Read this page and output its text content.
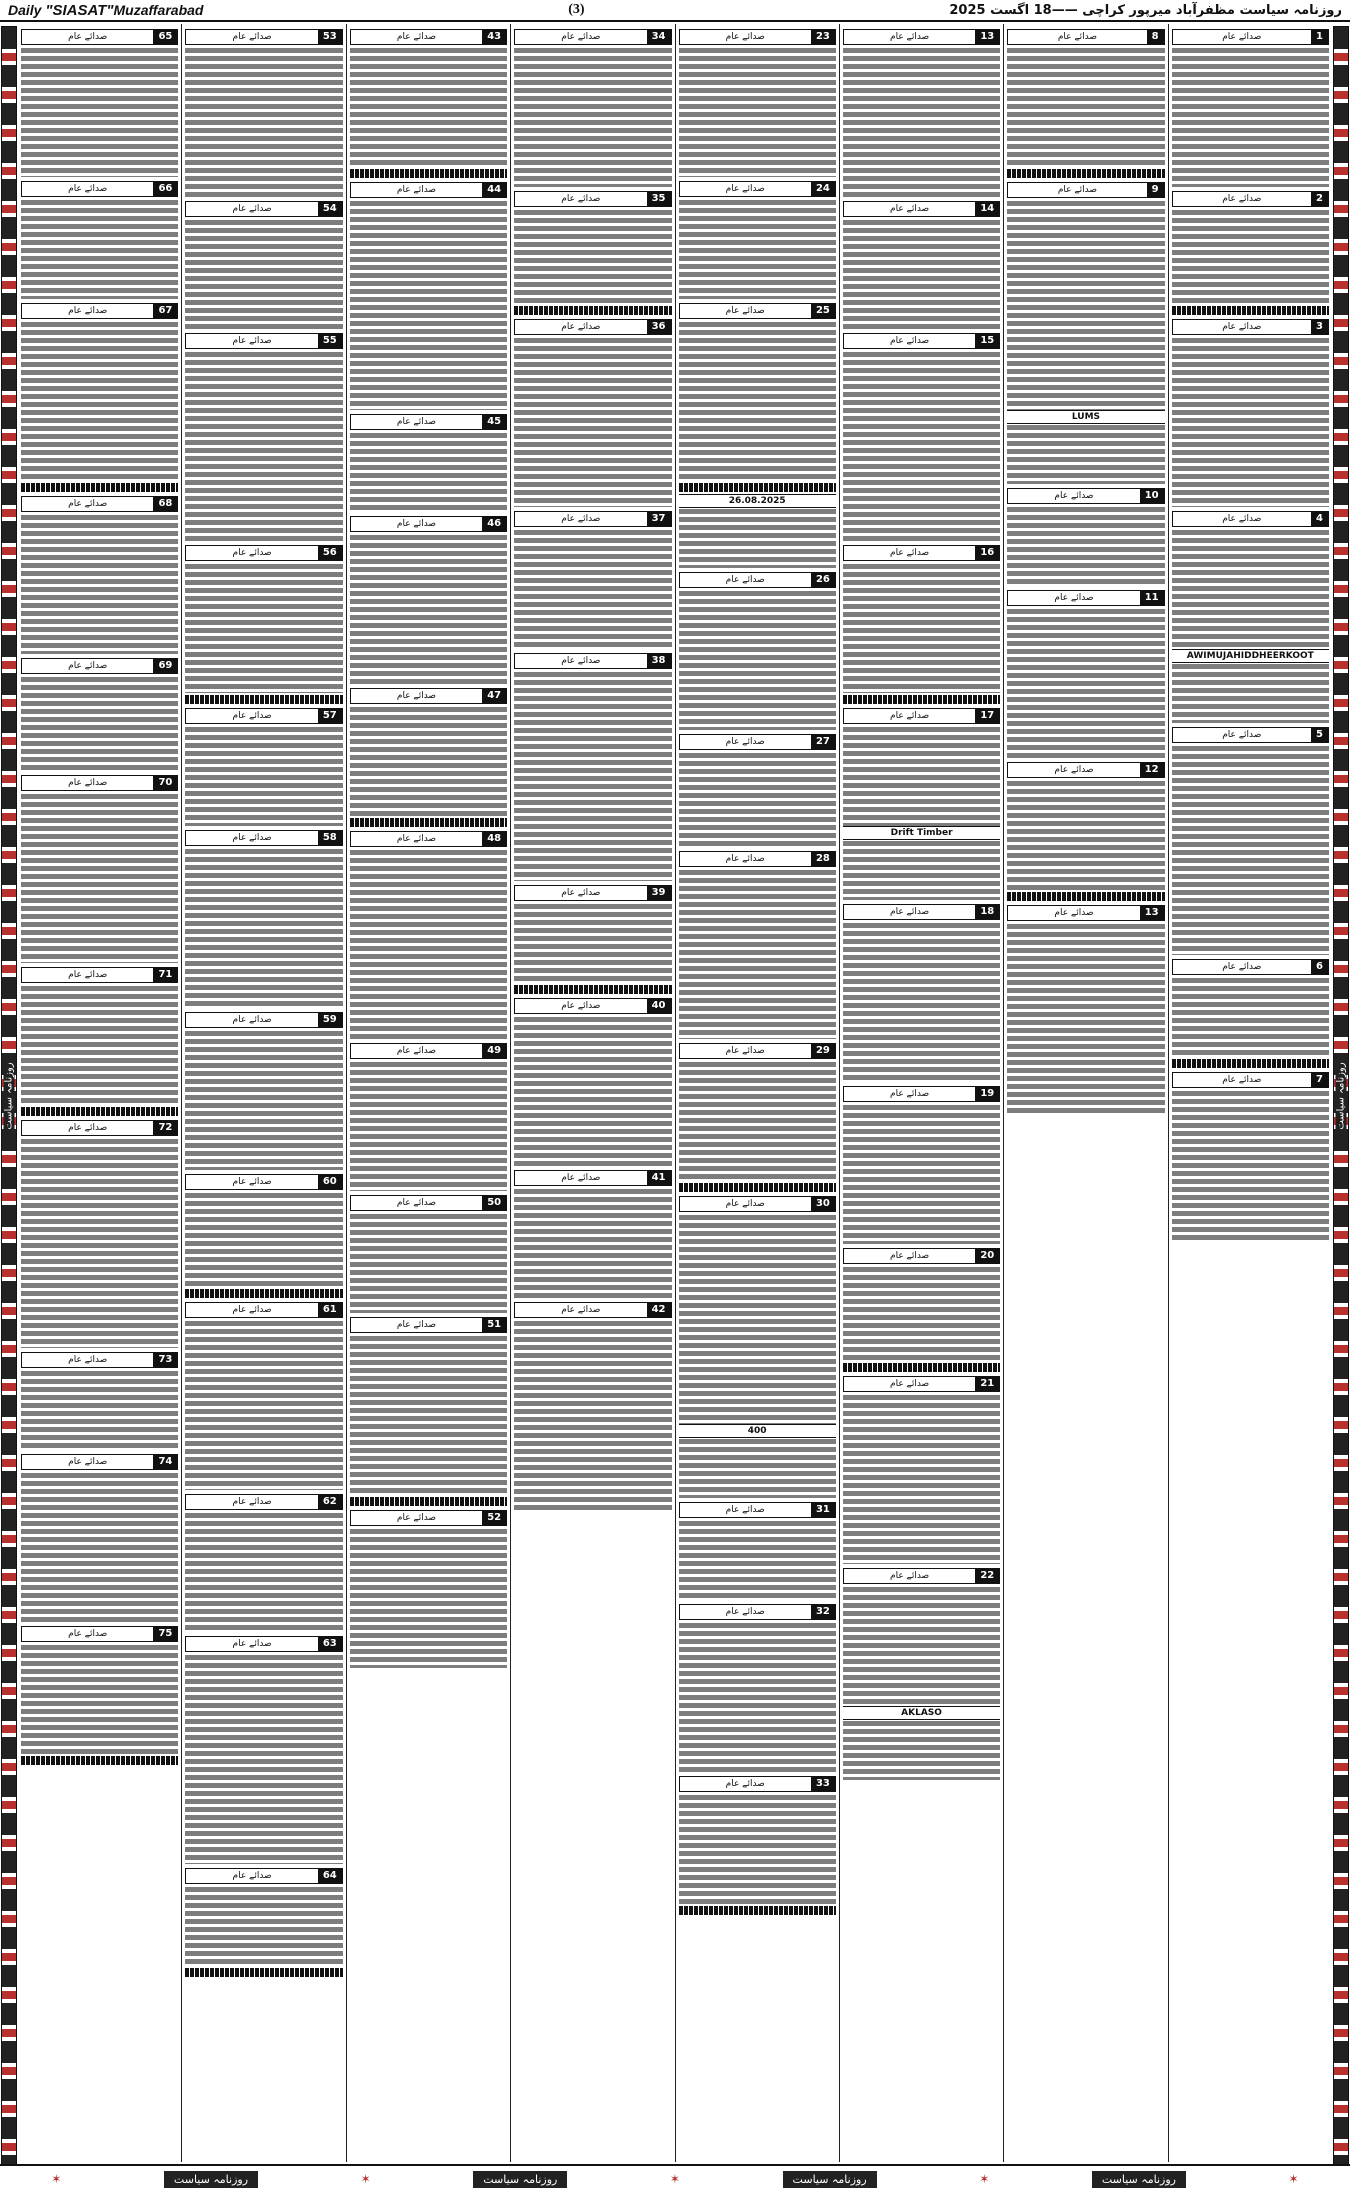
Daily "SIASAT"Muzaffarabad	(3)	روزنامہ سیاست مظفرآباد میرپور کراچی ——18 اگست 2025
روزنامہ سیاست	روزنامہ سیاست
1
صدائے عام
2
صدائے عام
3
صدائے عام
4
صدائے عام
AWIMUJAHIDDHEERKOOT
5
صدائے عام
6
صدائے عام
7
صدائے عام
8
صدائے عام
9
صدائے عام
LUMS
10
صدائے عام
11
صدائے عام
12
صدائے عام
13
صدائے عام
13
صدائے عام
14
صدائے عام
15
صدائے عام
16
صدائے عام
17
صدائے عام
Drift Timber
18
صدائے عام
19
صدائے عام
20
صدائے عام
21
صدائے عام
22
صدائے عام
AKLASO
23
صدائے عام
24
صدائے عام
25
صدائے عام
26.08.2025
26
صدائے عام
27
صدائے عام
28
صدائے عام
29
صدائے عام
30
صدائے عام
400
31
صدائے عام
32
صدائے عام
33
صدائے عام
34
صدائے عام
35
صدائے عام
36
صدائے عام
37
صدائے عام
38
صدائے عام
39
صدائے عام
40
صدائے عام
41
صدائے عام
42
صدائے عام
43
صدائے عام
44
صدائے عام
45
صدائے عام
46
صدائے عام
47
صدائے عام
48
صدائے عام
49
صدائے عام
50
صدائے عام
51
صدائے عام
52
صدائے عام
53
صدائے عام
54
صدائے عام
55
صدائے عام
56
صدائے عام
57
صدائے عام
58
صدائے عام
59
صدائے عام
60
صدائے عام
61
صدائے عام
62
صدائے عام
63
صدائے عام
64
صدائے عام
65
صدائے عام
66
صدائے عام
67
صدائے عام
68
صدائے عام
69
صدائے عام
70
صدائے عام
71
صدائے عام
72
صدائے عام
73
صدائے عام
74
صدائے عام
75
صدائے عام
✶	روزنامہ سیاست	✶	روزنامہ سیاست	✶	روزنامہ سیاست	✶	روزنامہ سیاست	✶
